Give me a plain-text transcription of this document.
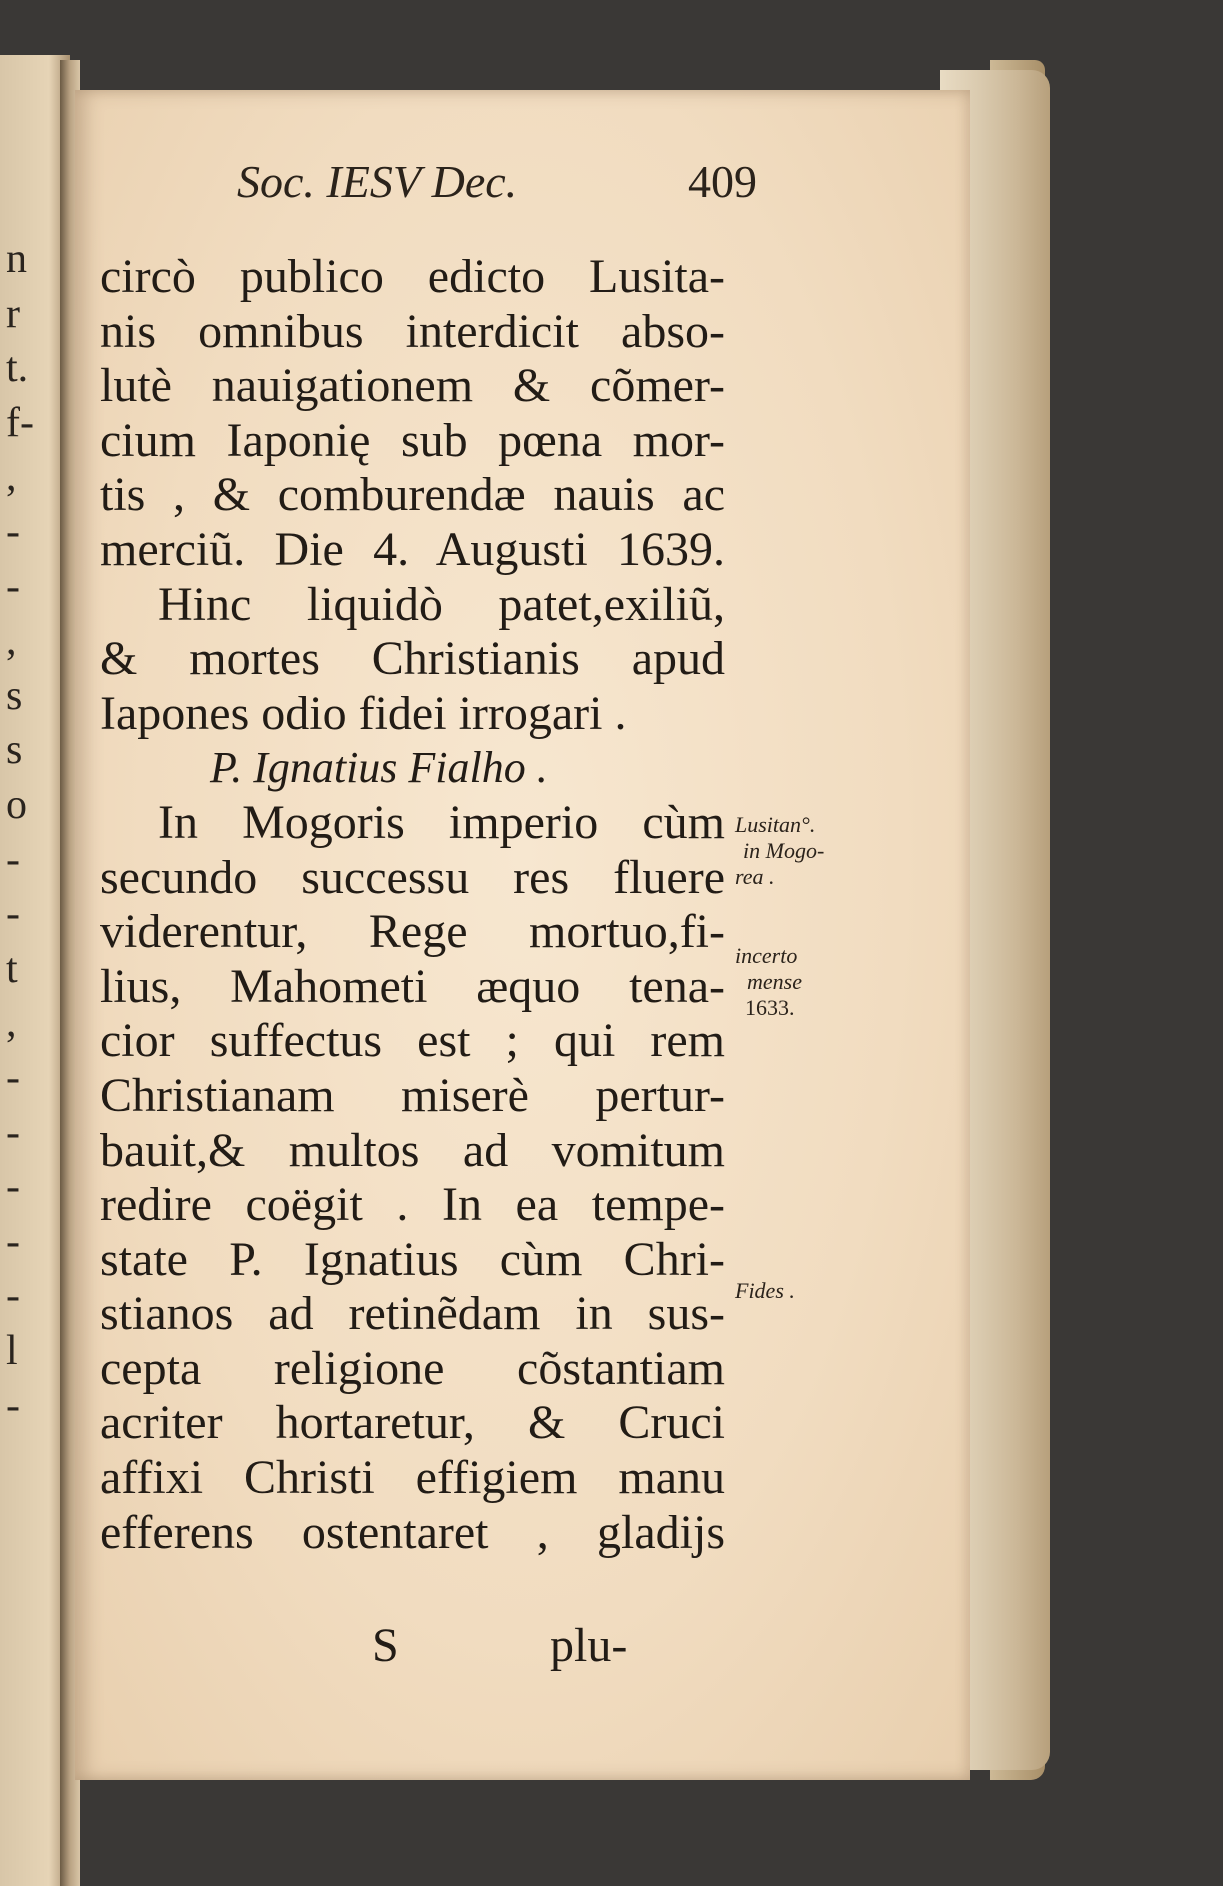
n
r
t.
f-
,
-
-
,
s
s
o
-
-
t
,
-
-
-
-
-
l
-
Soc. IESV Dec.	409
circò publico edicto Lusita-
nis omnibus interdicit abso-
lutè nauigationem & cõmer-
cium Iaponię sub pœna mor-
tis , & comburendæ nauis ac
merciũ. Die 4. Augusti 1639.
Hinc liquidò patet,exiliũ,
& mortes Christianis apud
Iapones odio fidei irrogari .
P. Ignatius Fialho .
In Mogoris imperio cùm
secundo successu res fluere
viderentur, Rege mortuo,fi-
lius, Mahometi æquo tena-
cior suffectus est ; qui rem
Christianam miserè pertur-
bauit,& multos ad vomitum
redire coëgit . In ea tempe-
state P. Ignatius cùm Chri-
stianos ad retinẽdam in sus-
cepta religione cõstantiam
acriter hortaretur, & Cruci
affixi Christi effigiem manu
efferens ostentaret , gladijs
S	plu-
Lusitan°.
in Mogo-
rea .
incerto
mense
1633.
Fides .
